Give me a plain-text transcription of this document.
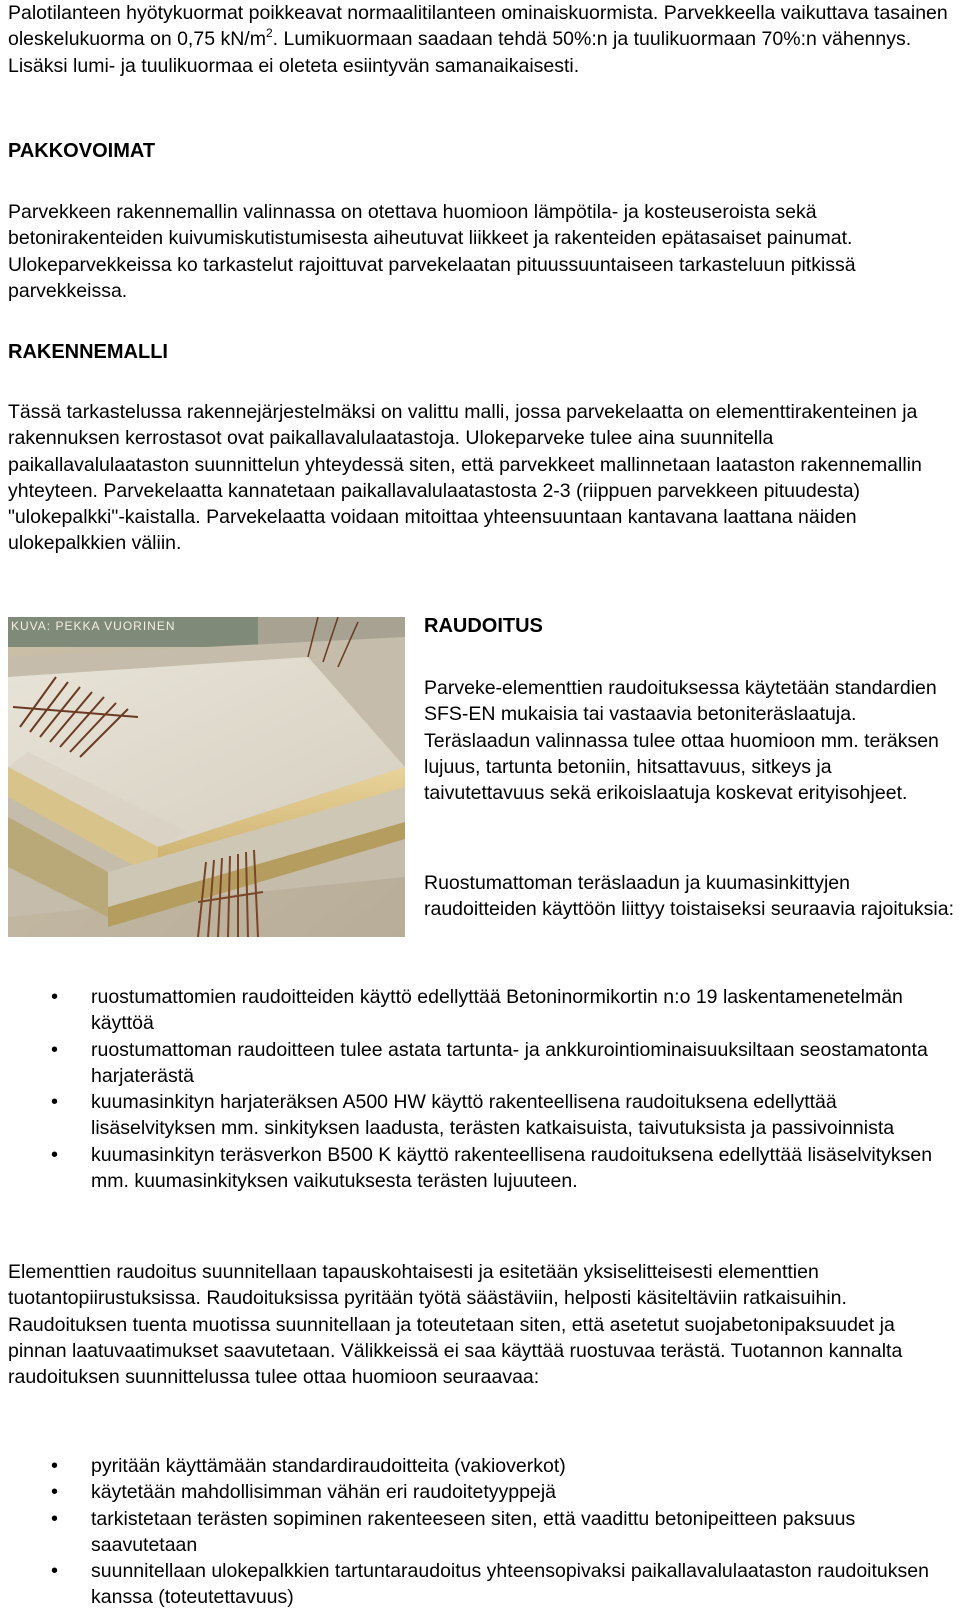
Palotilanteen hyötykuormat poikkeavat normaalitilanteen ominaiskuormista. Parvekkeella vaikuttava tasainen oleskelukuorma on 0,75 $kN/m^2$. Lumikuormaan saadaan tehdä 50%:n ja tuulikuormaan 70%:n vähennys. Lisäksi lumi- ja tuulikuormaa ei oleteta esiintyvän samanaikaisesti.

PAKKOVOIMAT

Parvekkeen rakennemallin valinnassa on otettava huomioon lämpötila- ja kosteuseroista sekä betonirakenteiden kuivumiskutistumisesta aiheutuvat liikkeet ja rakenteiden epätasaiset painumat. Ulokeparvekkeissa ko tarkastelut rajoittuvat parvekelaatan pituussuuntaiseen tarkasteluun pitkissä parvekkeissa.

RAKENNEMALLI

Tässä tarkastelussa rakennejärjestelmäksi on valittu malli, jossa parvekelaatta on elementtirakenteinen ja rakennuksen kerrostasot ovat paikallavalulaatastoja. Ulokeparveke tulee aina suunnitella paikallavalulaataston suunnittelun yhteydessä siten, että parvekkeet mallinnetaan laataston rakennemallin yhteyteen. Parvekelaatta kannatetaan paikallavalulaatastosta 2-3 (riippuen parvekkeen pituudesta) "ulokepalkki"-kaistalla. Parvekelaatta voidaan mitoittaa yhteensuuntaan kantavana laattana näiden ulokepalkkien väliin.

KUVA: PEKKA VUORINEN	RAUDOITUS

Parveke-elementtien raudoituksessa käytetään standardien SFS-EN mukaisia tai vastaavia betoniteräslaatuja. Teräslaadun valinnassa tulee ottaa huomioon mm. teräksen lujuus, tartunta betoniin, hitsattavuus, sitkeys ja taivutettavuus sekä erikoislaatuja koskevat erityisohjeet.

Ruostumattoman teräslaadun ja kuumasinkittyjen raudoitteiden käyttöön liittyy toistaiseksi seuraavia rajoituksia:

• ruostumattomien raudoitteiden käyttö edellyttää Betoninormikortin n:o 19 laskentamenetelmän käyttöä
• ruostumattoman raudoitteen tulee astata tartunta- ja ankkurointiominaisuuksiltaan seostamatonta harjaterästä
• kuumasinkityn harjateräksen A500 HW käyttö rakenteellisena raudoituksena edellyttää lisäselvityksen mm. sinkityksen laadusta, terästen katkaisuista, taivutuksista ja passivoinnista
• kuumasinkityn teräsverkon B500 K käyttö rakenteellisena raudoituksena edellyttää lisäselvityksen mm. kuumasinkityksen vaikutuksesta terästen lujuuteen.

Elementtien raudoitus suunnitellaan tapauskohtaisesti ja esitetään yksiselitteisesti elementtien tuotantopiirustuksissa. Raudoituksissa pyritään työtä säästäviin, helposti käsiteltäviin ratkaisuihin. Raudoituksen tuenta muotissa suunnitellaan ja toteutetaan siten, että asetetut suojabetonipaksuudet ja pinnan laatuvaatimukset saavutetaan. Välikkeissä ei saa käyttää ruostuvaa terästä. Tuotannon kannalta raudoituksen suunnittelussa tulee ottaa huomioon seuraavaa:

• pyritään käyttämään standardiraudoitteita (vakioverkot)
• käytetään mahdollisimman vähän eri raudoitetyyppejä
• tarkistetaan terästen sopiminen rakenteeseen siten, että vaadittu betonipeitteen paksuus saavutetaan
• suunnitellaan ulokepalkkien tartuntaraudoitus yhteensopivaksi paikallavalulaataston raudoituksen kanssa (toteutettavuus)
